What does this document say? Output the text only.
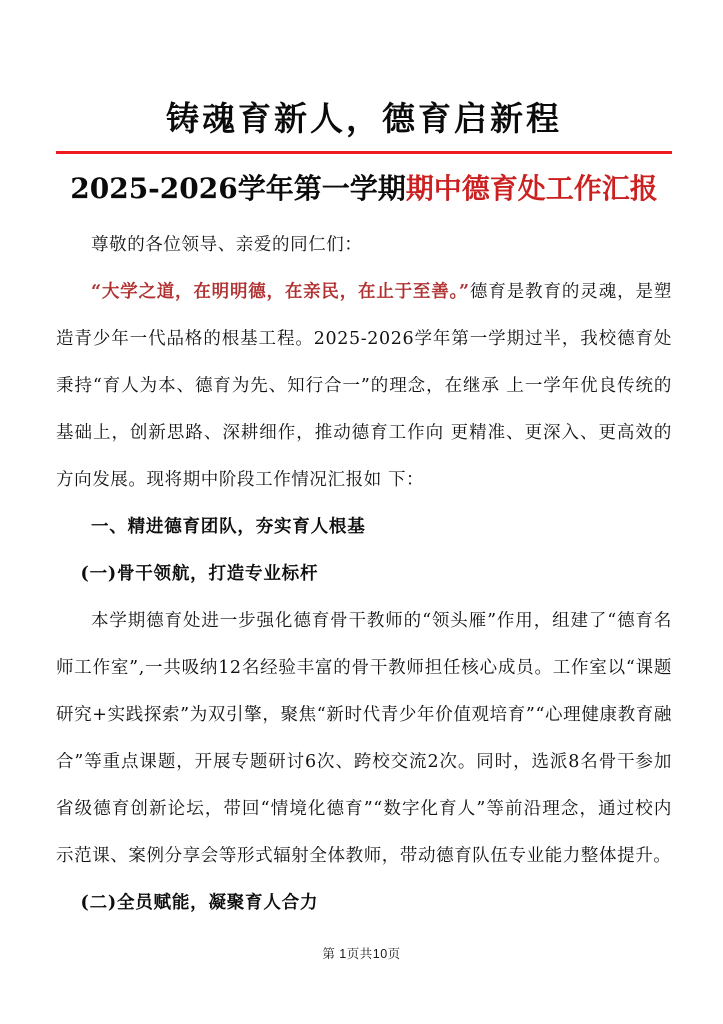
铸魂育新人，德育启新程
2025-2026学年第一学期期中德育处工作汇报

尊敬的各位领导、亲爱的同仁们：

“大学之道，在明明德，在亲民，在止于至善。”德育是教育的灵魂，是塑造青少年一代品格的根基工程。2025-2026学年第一学期过半，我校德育处秉持“育人为本、德育为先、知行合一”的理念，在继承 上一学年优良传统的基础上，创新思路、深耕细作，推动德育工作向 更精准、更深入、更高效的方向发展。现将期中阶段工作情况汇报如 下：

一、精进德育团队，夯实育人根基
(一)骨干领航，打造专业标杆

本学期德育处进一步强化德育骨干教师的“领头雁”作用，组建了“德育名师工作室”,一共吸纳12名经验丰富的骨干教师担任核心成员。工作室以“课题研究+实践探索”为双引擎，聚焦“新时代青少年价值观培育”“心理健康教育融合”等重点课题，开展专题研讨6次、跨校交流2次。同时，选派8名骨干参加省级德育创新论坛，带回“情境化德育”“数字化育人”等前沿理念，通过校内示范课、案例分享会等形式辐射全体教师，带动德育队伍专业能力整体提升。

(二)全员赋能，凝聚育人合力
第 1页共10页
